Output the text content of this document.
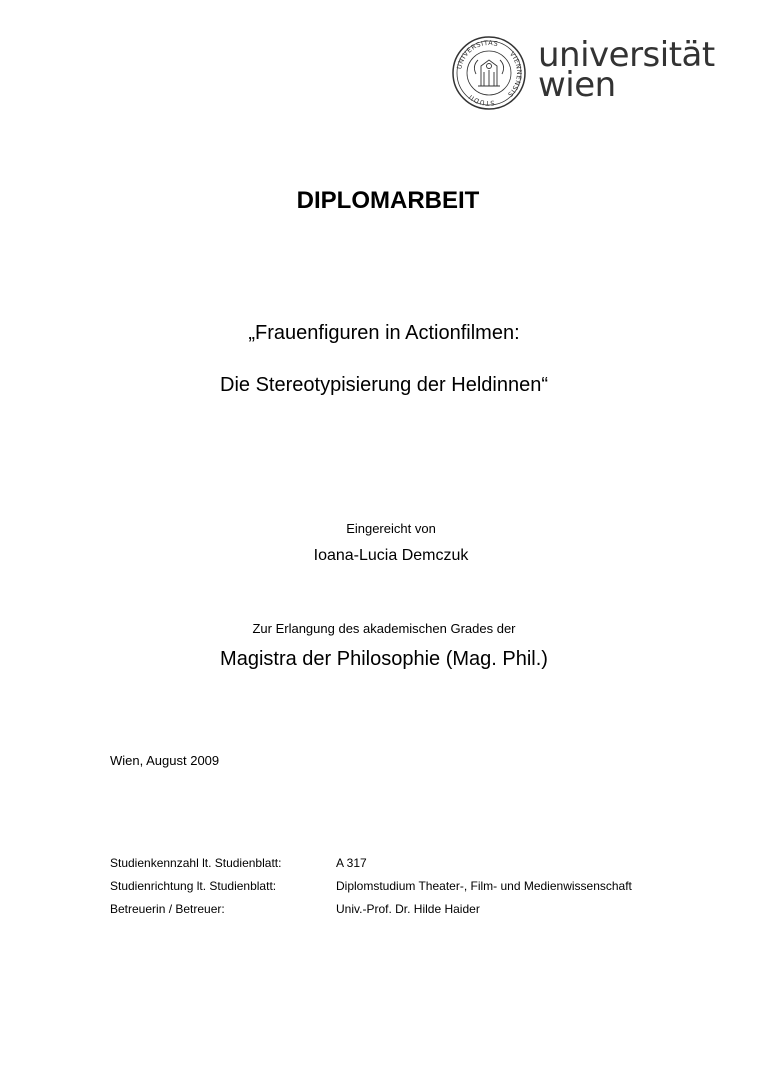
UNIVERSITAS
VIENNENSIS
STUDII
universität
wien
DIPLOMARBEIT
„Frauenfiguren in Actionfilmen:
Die Stereotypisierung der Heldinnen“
Eingereicht von
Ioana-Lucia Demczuk
Zur Erlangung des akademischen Grades der
Magistra der Philosophie (Mag. Phil.)
Wien, August 2009
Studienkennzahl lt. Studienblatt:	A 317
Studienrichtung lt. Studienblatt:	Diplomstudium Theater-, Film- und Medienwissenschaft
Betreuerin / Betreuer:	Univ.-Prof. Dr. Hilde Haider
